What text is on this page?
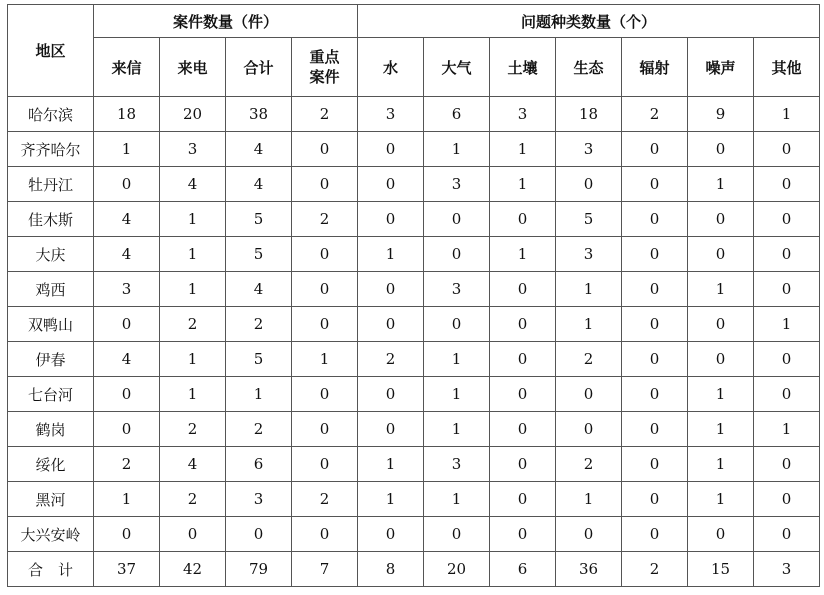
地区	案件数量（件）				问题种类数量（个）						
	来信	来电	合计	重点案件	水	大气	土壤	生态	辐射	噪声	其他
哈尔滨	18	20	38	2	3	6	3	18	2	9	1
齐齐哈尔	1	3	4	0	0	1	1	3	0	0	0
牡丹江	0	4	4	0	0	3	1	0	0	1	0
佳木斯	4	1	5	2	0	0	0	5	0	0	0
大庆	4	1	5	0	1	0	1	3	0	0	0
鸡西	3	1	4	0	0	3	0	1	0	1	0
双鸭山	0	2	2	0	0	0	0	1	0	0	1
伊春	4	1	5	1	2	1	0	2	0	0	0
七台河	0	1	1	0	0	1	0	0	0	1	0
鹤岗	0	2	2	0	0	1	0	0	0	1	1
绥化	2	4	6	0	1	3	0	2	0	1	0
黑河	1	2	3	2	1	1	0	1	0	1	0
大兴安岭	0	0	0	0	0	0	0	0	0	0	0
合　计	37	42	79	7	8	20	6	36	2	15	3
